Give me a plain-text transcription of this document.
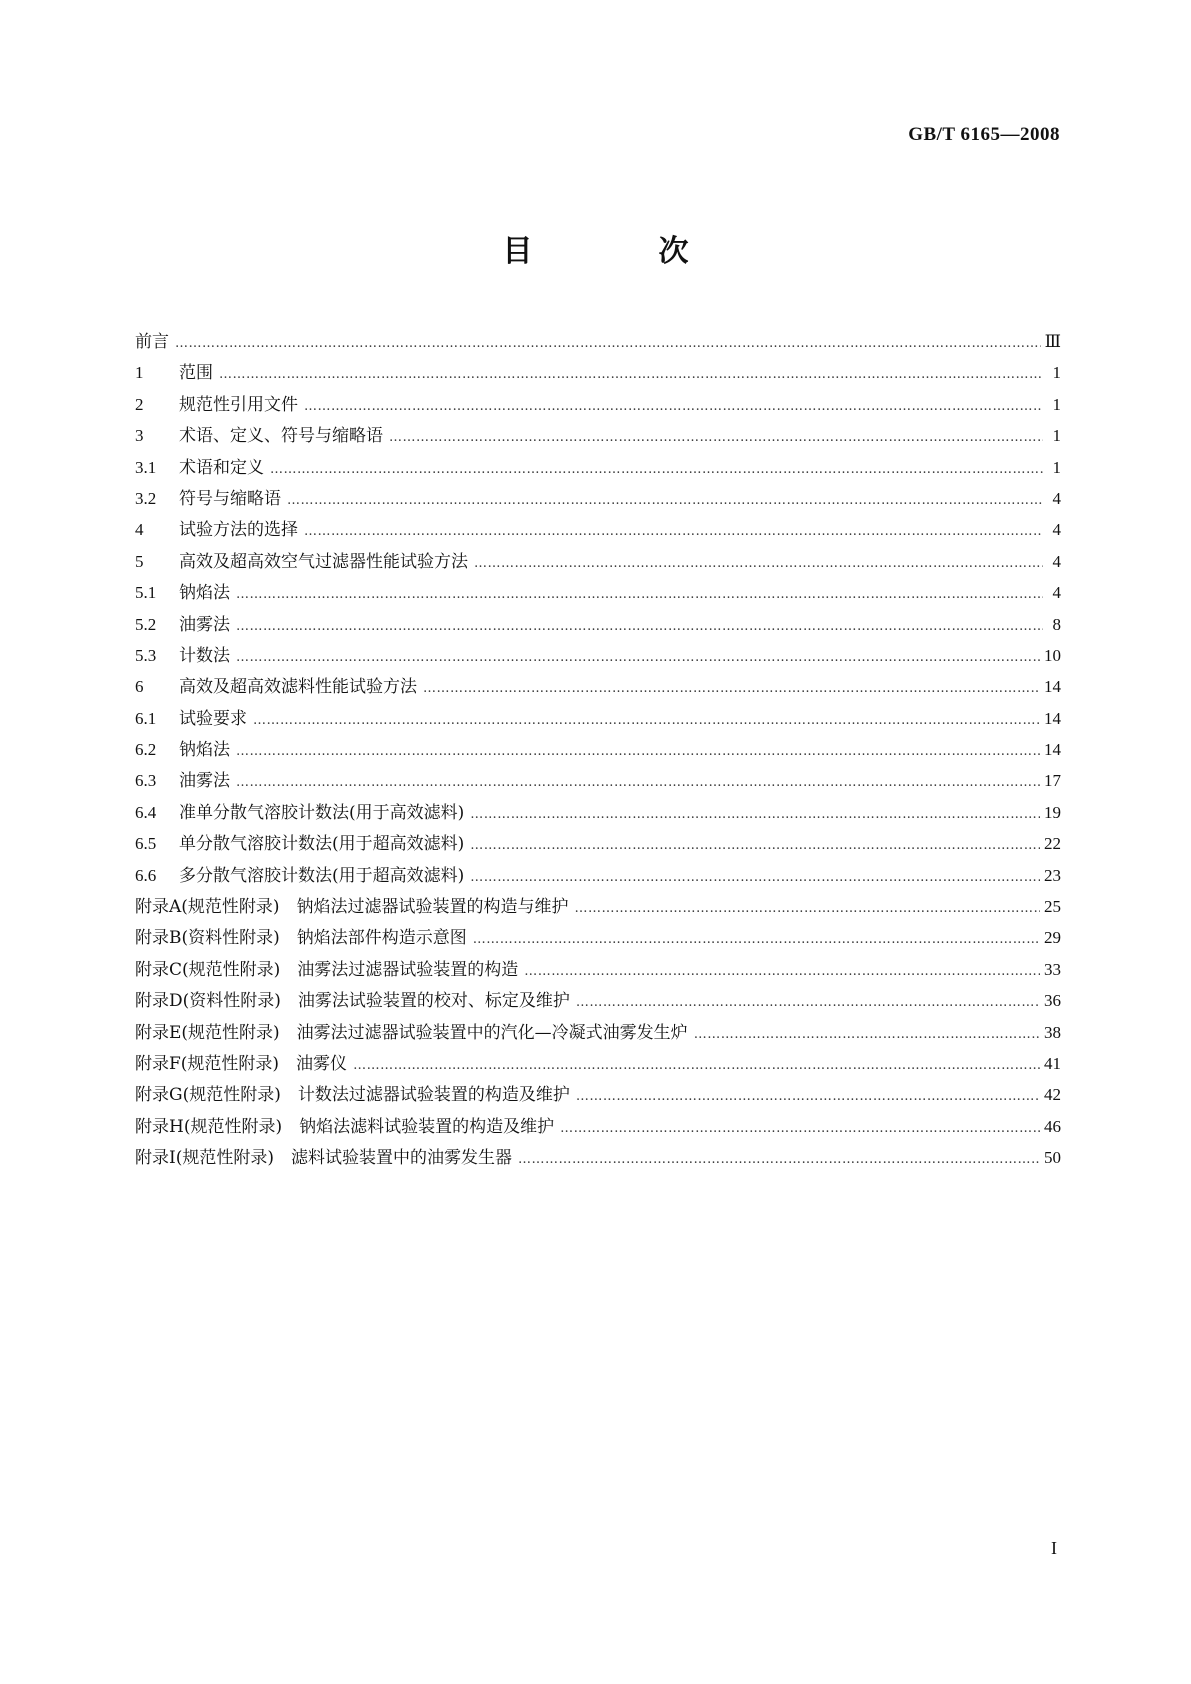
GB/T 6165—2008
目　次
前言 …………………………………………………………………………………………………………………………………………………………………………………………………………………………	Ⅲ
1	范围 …………………………………………………………………………………………………………………………………………………………………………………………………………………………	1
2	规范性引用文件 …………………………………………………………………………………………………………………………………………………………………………………………………………………………	1
3	术语、定义、符号与缩略语 …………………………………………………………………………………………………………………………………………………………………………………………………………………………	1
3.1	术语和定义 …………………………………………………………………………………………………………………………………………………………………………………………………………………………	1
3.2	符号与缩略语 …………………………………………………………………………………………………………………………………………………………………………………………………………………………	4
4	试验方法的选择 …………………………………………………………………………………………………………………………………………………………………………………………………………………………	4
5	高效及超高效空气过滤器性能试验方法 …………………………………………………………………………………………………………………………………………………………………………………………………………………………	4
5.1	钠焰法 …………………………………………………………………………………………………………………………………………………………………………………………………………………………	4
5.2	油雾法 …………………………………………………………………………………………………………………………………………………………………………………………………………………………	8
5.3	计数法 …………………………………………………………………………………………………………………………………………………………………………………………………………………………	10
6	高效及超高效滤料性能试验方法 …………………………………………………………………………………………………………………………………………………………………………………………………………………………	14
6.1	试验要求 …………………………………………………………………………………………………………………………………………………………………………………………………………………………	14
6.2	钠焰法 …………………………………………………………………………………………………………………………………………………………………………………………………………………………	14
6.3	油雾法 …………………………………………………………………………………………………………………………………………………………………………………………………………………………	17
6.4	准单分散气溶胶计数法(用于高效滤料) …………………………………………………………………………………………………………………………………………………………………………………………………………………………	19
6.5	单分散气溶胶计数法(用于超高效滤料) …………………………………………………………………………………………………………………………………………………………………………………………………………………………	22
6.6	多分散气溶胶计数法(用于超高效滤料) …………………………………………………………………………………………………………………………………………………………………………………………………………………………	23
附录A(规范性附录)　钠焰法过滤器试验装置的构造与维护 …………………………………………………………………………………………………………………………………………………………………………………………………………………………	25
附录B(资料性附录)　钠焰法部件构造示意图 …………………………………………………………………………………………………………………………………………………………………………………………………………………………	29
附录C(规范性附录)　油雾法过滤器试验装置的构造 …………………………………………………………………………………………………………………………………………………………………………………………………………………………	33
附录D(资料性附录)　油雾法试验装置的校对、标定及维护 …………………………………………………………………………………………………………………………………………………………………………………………………………………………	36
附录E(规范性附录)　油雾法过滤器试验装置中的汽化—冷凝式油雾发生炉 …………………………………………………………………………………………………………………………………………………………………………………………………………………………	38
附录F(规范性附录)　油雾仪 …………………………………………………………………………………………………………………………………………………………………………………………………………………………	41
附录G(规范性附录)　计数法过滤器试验装置的构造及维护 …………………………………………………………………………………………………………………………………………………………………………………………………………………………	42
附录H(规范性附录)　钠焰法滤料试验装置的构造及维护 …………………………………………………………………………………………………………………………………………………………………………………………………………………………	46
附录I(规范性附录)　滤料试验装置中的油雾发生器 …………………………………………………………………………………………………………………………………………………………………………………………………………………………	50
I
